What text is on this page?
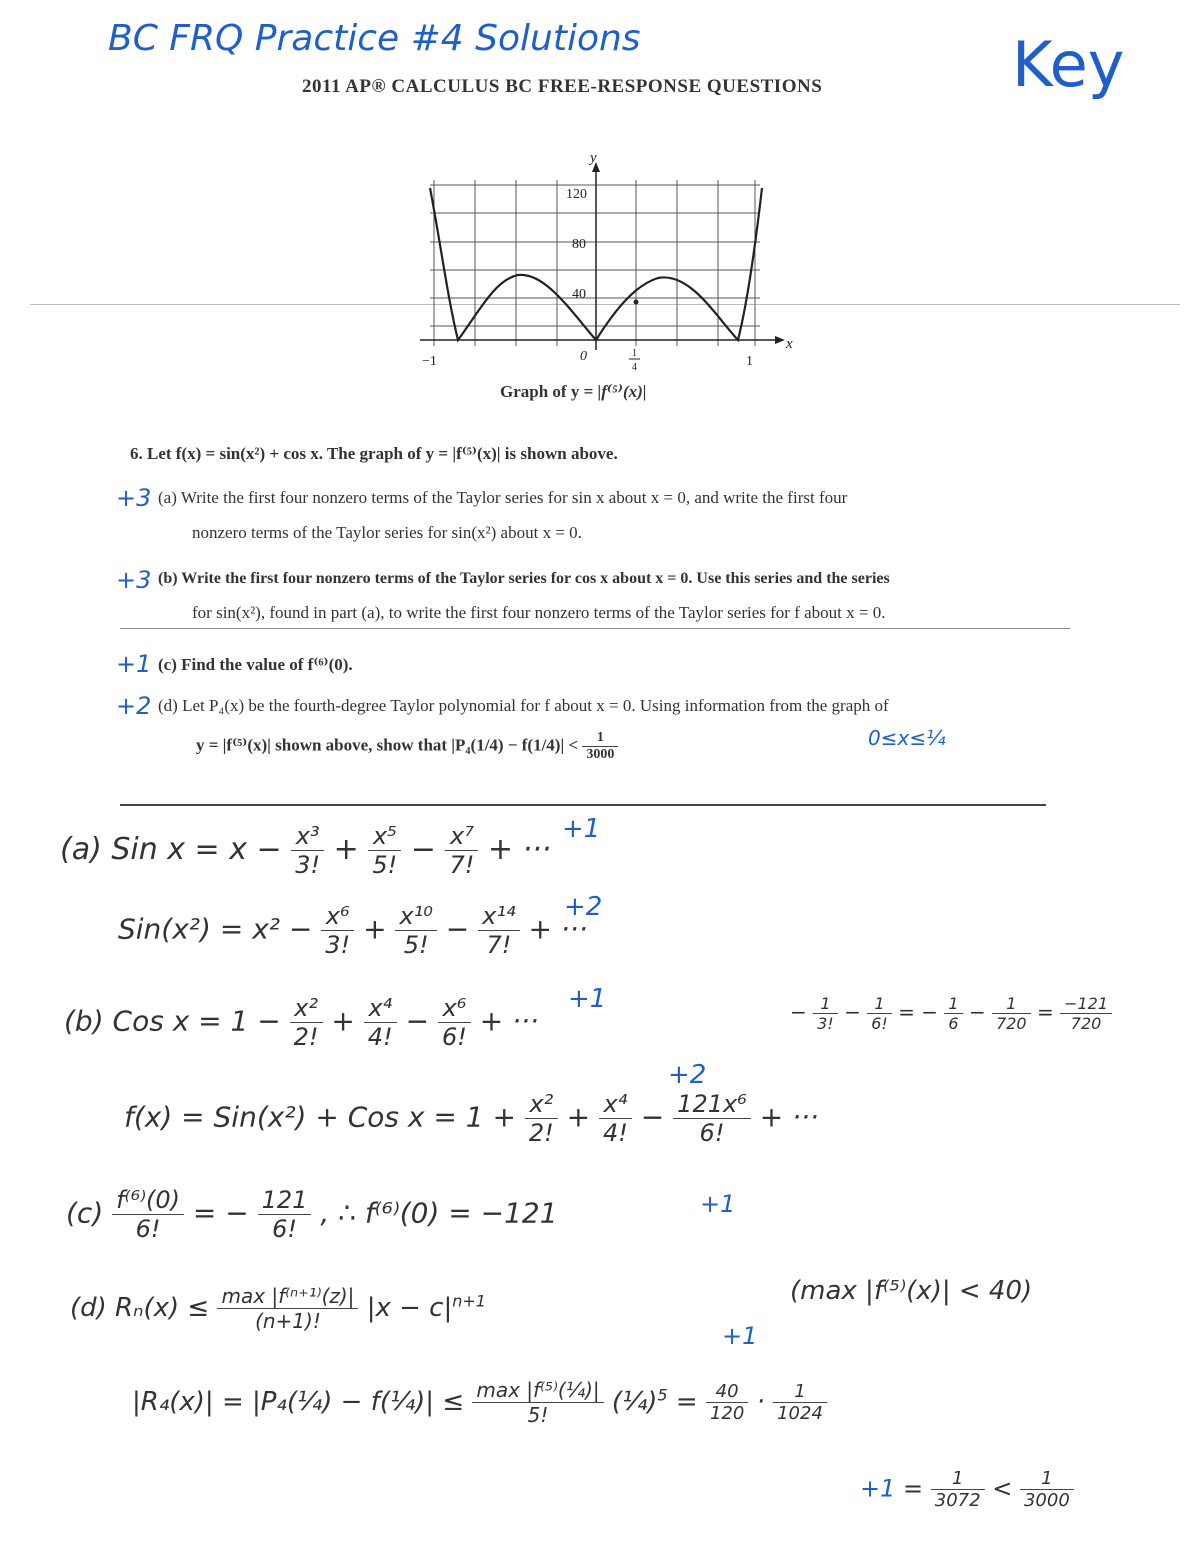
BC FRQ Practice #4 Solutions
2011 AP® CALCULUS BC FREE-RESPONSE QUESTIONS	Key
y
x
120
80
40
−1	0	1
4	1
Graph of y = |f⁽⁵⁾(x)|
6. Let f(x) = sin(x²) + cos x. The graph of y = |f⁽⁵⁾(x)| is shown above.
+3 (a) Write the first four nonzero terms of the Taylor series for sin x about x = 0, and write the first four
nonzero terms of the Taylor series for sin(x²) about x = 0.
+3 (b) Write the first four nonzero terms of the Taylor series for cos x about x = 0. Use this series and the series
for sin(x²), found in part (a), to write the first four nonzero terms of the Taylor series for f about x = 0.
+1 (c) Find the value of f⁽⁶⁾(0).
+2 (d) Let P₄(x) be the fourth-degree Taylor polynomial for f about x = 0. Using information from the graph of
y = |f⁽⁵⁾(x)| shown above, show that $|P_4(1/4) - f(1/4)| < \frac{1}{3000}$	0≤x≤¼
(a) Sin $x = x - \frac{\text{x³}}{3!} + \frac{\text{x⁵}}{5!} - \frac{\text{x⁷}}{7!}$ + ···
+1
$Sin(x^2) = x^2 - \frac{\text{x⁶}}{3!} + \frac{\text{x¹⁰}}{5!} - \frac{\text{x¹⁴}}{7!}$ + ···
+2
(b) Cos $x = 1 - \frac{\text{x²}}{2!} + \frac{\text{x⁴}}{4!} - \frac{\text{x⁶}}{6!}$ + ···
+1	− $\frac{1}{3!} - \frac{1}{6!}$ = − $\frac{1}{6} - \frac{1}{720} = \frac{-121}{720}$
+2
f(x) = Sin(x²) + Cos $x = 1 + \frac{\text{x²}}{2!} + \frac{\text{x⁴}}{4!} - \frac{\text{121x⁶}}{6!}$ + ···
$(c) \frac{\text{f⁽⁶⁾(0)}}{6!}$ = − $\frac{121}{6!}$ , ∴ f⁽⁶⁾(0) = −121	+1
(d) $R_n(x) \le \frac{\text{max |f⁽ⁿ⁺¹⁾(z)|}}{(n+1)!} |x - c|^{n+1}$	(max |f⁽⁵⁾(x)| < 40)
+1
|R₄(x)| = |P₄(¼) − f(¼)| ≤ $\frac{\text{max |f⁽⁵⁾(¼)|}}{5!}$ (¼)$^5$ = $\frac{40}{120} \cdot \frac{1}{1024}$
$+1 = \frac{1}{3072} < \frac{1}{3000}$
